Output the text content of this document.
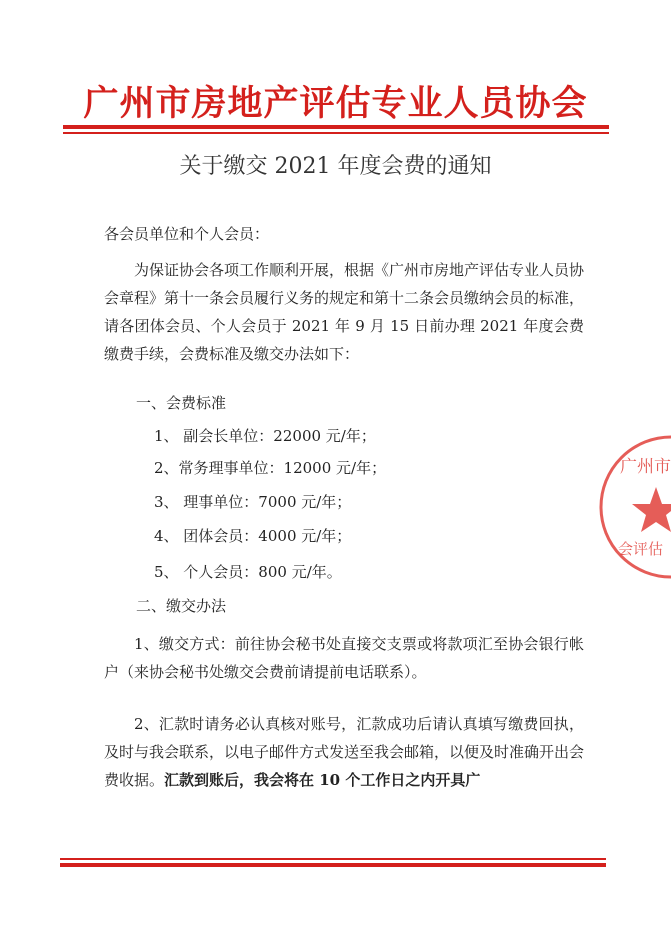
广州市房地产评估专业人员协会
关于缴交 2021 年度会费的通知
各会员单位和个人会员：
为保证协会各项工作顺利开展，根据《广州市房地产评估专业人员协会章程》第十一条会员履行义务的规定和第十二条会员缴纳会员的标准，请各团体会员、个人会员于 2021 年 9 月 15 日前办理 2021 年度会费缴费手续，会费标准及缴交办法如下：
一、会费标准
1、 副会长单位：22000 元/年；
2、常务理事单位：12000 元/年；
3、 理事单位：7000 元/年；
4、 团体会员：4000 元/年；
5、 个人会员：800 元/年。
二、缴交办法
1、缴交方式：前往协会秘书处直接交支票或将款项汇至协会银行帐户（来协会秘书处缴交会费前请提前电话联系）。
2、汇款时请务必认真核对账号，汇款成功后请认真填写缴费回执，及时与我会联系，以电子邮件方式发送至我会邮箱，以便及时准确开出会费收据。汇款到账后，我会将在 10 个工作日之内开具广
广州市
会评估
